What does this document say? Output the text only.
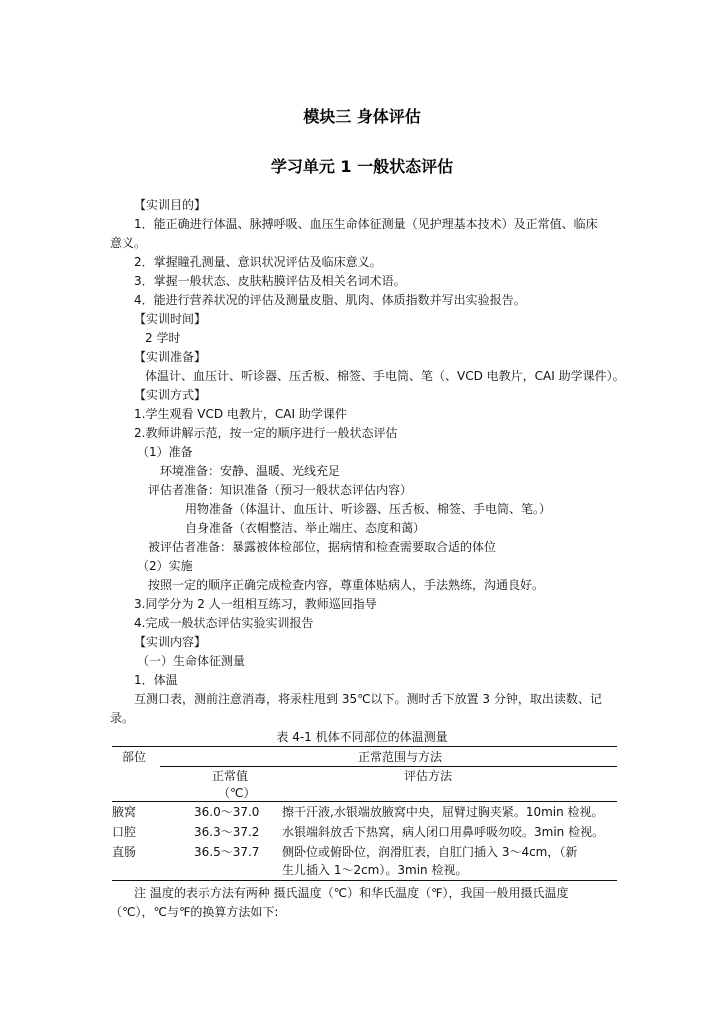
模块三 身体评估
学习单元 1 一般状态评估
【实训目的】
1．能正确进行体温、脉搏呼吸、血压生命体征测量（见护理基本技术）及正常值、临床
意义。
2．掌握瞳孔测量、意识状况评估及临床意义。
3．掌握一般状态、皮肤粘膜评估及相关名词术语。
4．能进行营养状况的评估及测量皮脂、肌肉、体质指数并写出实验报告。
【实训时间】
2 学时
【实训准备】
体温计、血压计、听诊器、压舌板、棉签、手电筒、笔（、VCD 电教片，CAI 助学课件）。
【实训方式】
1.学生观看 VCD 电教片，CAI 助学课件
2.教师讲解示范，按一定的顺序进行一般状态评估
（1）准备
环境准备：安静、温暖、光线充足
评估者准备：知识准备（预习一般状态评估内容）
用物准备（体温计、血压计、听诊器、压舌板、棉签、手电筒、笔。）
自身准备（衣帽整洁、举止端庄、态度和蔼）
被评估者准备：暴露被体检部位，据病情和检查需要取合适的体位
（2）实施
按照一定的顺序正确完成检查内容，尊重体贴病人，手法熟练，沟通良好。
3.同学分为 2 人一组相互练习，教师巡回指导
4.完成一般状态评估实验实训报告
【实训内容】
（一）生命体征测量
1．体温
互测口表，测前注意消毒，将汞柱甩到 35℃以下。测时舌下放置 3 分钟，取出读数、记
录。
表 4-1 机体不同部位的体温测量
部位	正常范围与方法
正常值	评估方法
（℃）
腋窝	36.0～37.0 擦干汗液,水银端放腋窝中央，屈臂过胸夹紧。10min 检视。
口腔	36.3～37.2 水银端斜放舌下热窝，病人闭口用鼻呼吸勿咬。3min 检视。
直肠	36.5～37.7 侧卧位或俯卧位，润滑肛表，自肛门插入 3～4cm，（新
生儿插入 1～2cm）。3min 检视。
注 温度的表示方法有两种 摄氏温度（℃）和华氏温度（℉），我国一般用摄氏温度
（℃），℃与℉的换算方法如下:
